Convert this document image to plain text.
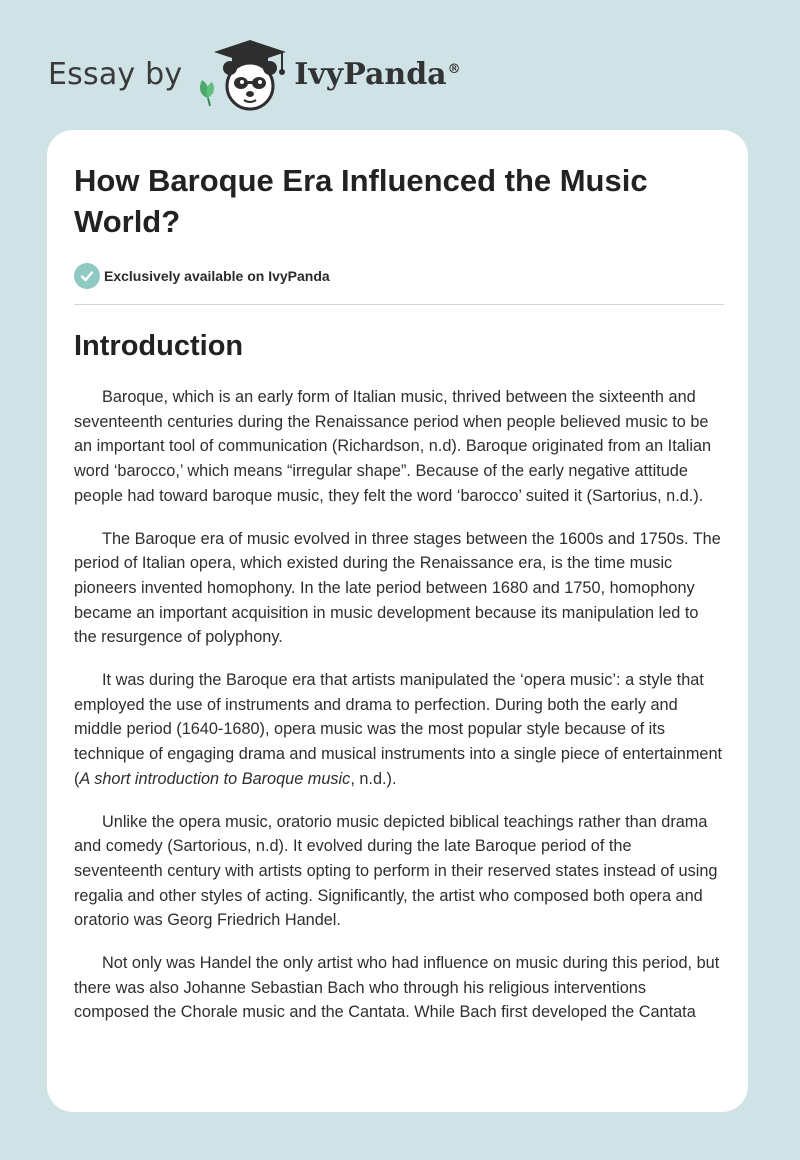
Essay by	IvyPanda®
How Baroque Era Influenced the Music World?
Exclusively available on IvyPanda
Introduction

Baroque, which is an early form of Italian music, thrived between the sixteenth and seventeenth centuries during the Renaissance period when people believed music to be an important tool of communication (Richardson, n.d). Baroque originated from an Italian word ‘barocco,’ which means “irregular shape”. Because of the early negative attitude people had toward baroque music, they felt the word ‘barocco’ suited it (Sartorius, n.d.).

The Baroque era of music evolved in three stages between the 1600s and 1750s. The period of Italian opera, which existed during the Renaissance era, is the time music pioneers invented homophony. In the late period between 1680 and 1750, homophony became an important acquisition in music development because its manipulation led to the resurgence of polyphony.

It was during the Baroque era that artists manipulated the ‘opera music’: a style that employed the use of instruments and drama to perfection. During both the early and middle period (1640-1680), opera music was the most popular style because of its technique of engaging drama and musical instruments into a single piece of entertainment (A short introduction to Baroque music, n.d.).

Unlike the opera music, oratorio music depicted biblical teachings rather than drama and comedy (Sartorious, n.d). It evolved during the late Baroque period of the seventeenth century with artists opting to perform in their reserved states instead of using regalia and other styles of acting. Significantly, the artist who composed both opera and oratorio was Georg Friedrich Handel.

Not only was Handel the only artist who had influence on music during this period, but there was also Johanne Sebastian Bach who through his religious interventions composed the Chorale music and the Cantata. While Bach first developed the Cantata
